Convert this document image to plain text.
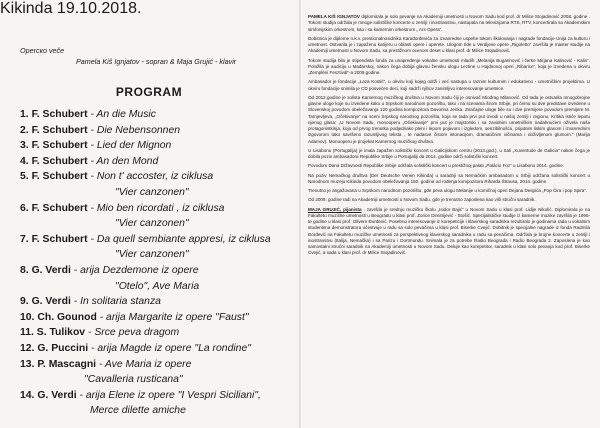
Operско veče
Pamela Kiš Ignjatov - sopran & Maja Grujić - klavir
PROGRAM
1. F. Schubert - An die Music
2. F. Schubert - Die Nebensonnen
3. F. Schubert - Lied der Mignon
4. F. Schubert - An den Mond
5. F. Schubert - Non t' accoster, iz ciklusa
"Vier canzonen"
6. F. Schubert - Mio ben ricordati , iz ciklusa
"Vier canzonen"
7. F. Schubert - Da quell sembiante appresi, iz ciklusa
"Vier canzonen"
8. G. Verdi - arija Dezdemone iz opere
"Otelo", Ave Maria
9. G. Verdi - In solitaria stanza
10. Ch. Gounod - arija Margarite iz opere "Faust"
11. S. Tulikov - Srce peva dragom
12. G. Puccini - arija Magde iz opere "La rondine"
13. P. Mascagni - Ave Maria iz opere
"Cavalleria rusticana"
14. G. Verdi - arija Elene iz opere "I Vespri Siciliani",
Merce dilette amiche

PAMELA KIŠ IGNJATOV diplomirala je solo pevanje na Akademiji umetnosti u Novom Sadu kod prof. dr Milice Stojadinović 2008. godine . Tokom studija održala je mnoge solističke koncerte u zemlji i inostranstvu, nastupala na televizijama RTS, RTV, koncertirala sa Akademskim simfonijskim orkestrom, kao i sa kamernim orkestrom „ Ars Opera“.

Dobitnica je diplome n.k.v. prestionalnosidnika Karađorđevića za izvanredne uspehe tokom školovanja i nagrade fondacije Unija za kulturu i umetnost. Ostvarila je i zapaženu karijeru u oblasti opere i operete. Ulogom Ilde u Verdijeve opere „Rigoletto“ završila je master studije na Akademiji umetnosti u Novom Sadu, sa prestižnom ocenom deset u klasi prof. dr Milice Stojadinović.

Tokom studija bila je stipendista fonda za unapređenje vokalne umetnosti mladih „Melanija Bugarinović i čerke Mirjana Kalinović - Kalin“. Položila je audiciju u Mađarskoj, nakon čega dobija glavnu žensku ulogu Leztine u Hajdnovoj operi „Ribarice“, koja je izvedena u okviru „Zemplénі Fesztivál“-a 2009.godine.

Ambasador je fondacije „Laza Kostić“, u okviru koji kojeg održi i već nastupa u raznim kulturnim i edukativno - umetničkim projektima. U okviru fondacije snimila je CD posvećen deci, koji sadrži njihov zanimljivo interesovanje umetnice.

Od 2012.godine je solista Kamernog muzičkog društva u Novom Sadu čiji je osnivač Miodrag Milanović. Od tada je ostvarila mnogobrojne glavne uloge koje su izvedene kako u Srpskom narodnom pozorištu, tako i na scenama širom Srbije, pri čemu su dve predstave izvedene u Slovenskoj povodom obeležavanja 120 godina kompozitora Davorina Jenka. Značajne uloge bile su i dve premijere povodom premijere M. Tarnjevljeva, „Očekivanje“ na sceni Srpskog narodnog pozorišta, koja se tada prvi put izvodi u našoj zemlji i regionu. Kritika istiće lepotu njenog glasa: „U Novom Sadu, monooperu „Očekivanje“ prvi put je majstorski i sa zavidnim umetničkim nadahnućem oživela naša protagonistkinja, koja od prvog trenutka podjednako pleni i lepom pojavom i izgledom, senzibilnošću, prijatnim liskim glasom i izvanrednim izgovorom tako savršeno razumljivog teksta , te nadasve čistom intonacijom, dramatičnim vičinama i doživljenom glumom.“ (Marija Adamov). Monooperu je projekat Kamernog muzičkog društva.

U Lisabonu (Portugalija) je imala zapažen solistički koncert u Galicijskom centru (2013.god.), u Sali „Xuventude de Galicia“ nakon čega je dobila poziv ambasadora Republike Srbije u Portugaliji da 2014. godine održi solistički koncert.

Povodom Dana Državnosti Republike Srbije održala solistički koncert u prestižnoj palati „Palácio Foz“ u Lisabonu 2014. godine.

Na poziv Nemačkog društva (Der Deutsche Verein Kikinda) u saradnji sa Nemačkim ambasadom u Srbiji održana solistički koncert u Narodnom muzeju Kikinda povodom obeležavanja 150. godina od rođenja kompozitora Riharda Štrausa, 2014. godine.

Trenutno je angažovana u Srpskom narodnom pozorištu, gde peva ulogu Melanije u komičnoj operi Dejana Despića „Pop Ćira i pop Spira“.

Od 2009. godine radi na Akademiji umetnosti u Novom Sadu, gde je trenutno zaposlena kao viši stručni saradnik.

MAJA GRUJIĆ, pijanista , završila je srednju muzičku školu „Isidor Bajić“ u Novom Sadu u klasi prof. Lidije Nikolić. Diplomirala je na Fakultetu muzičke umetnosti u Beogradu u klasi prof. Zorice Dimitrijević - Stošić. Specijalističke studije iz kamerne muzike završila je 1995-te godine u klasi prof. Olivere Đurđević. Posebno interesovanje iz korepeticije i klavirskog saradnika rezultiralo je godinama rada u vokalnim studentima demonstratora učestvuje u radu sa solo pevačima u klasi prof. Biserke Cvejić. Dobitnik je specijalne nagrade iz fonda Radmila Đorđević na Fakultetu muzičke umetnosti za perspektivnog klavirskog saradnika u radu sa pevačima. Održala je brojne koncerte u zemlji i inostranstvu (Italija, Nemačka) i sa Parizu i Dortmundu. Snimala je za potrebe Radio Beograda i Radio Beograda 2. Zaposlena je kao samostalni stručni saradnik na Akademiji umetnosti u Novom Sadu. Deluje kao korepetitor, saradnik u klasi solo pevanja kod prof. Biserke Cvejić, a sada u klasi prof. dr Milice Stojadinović.

Kikinda 19.10.2018.
